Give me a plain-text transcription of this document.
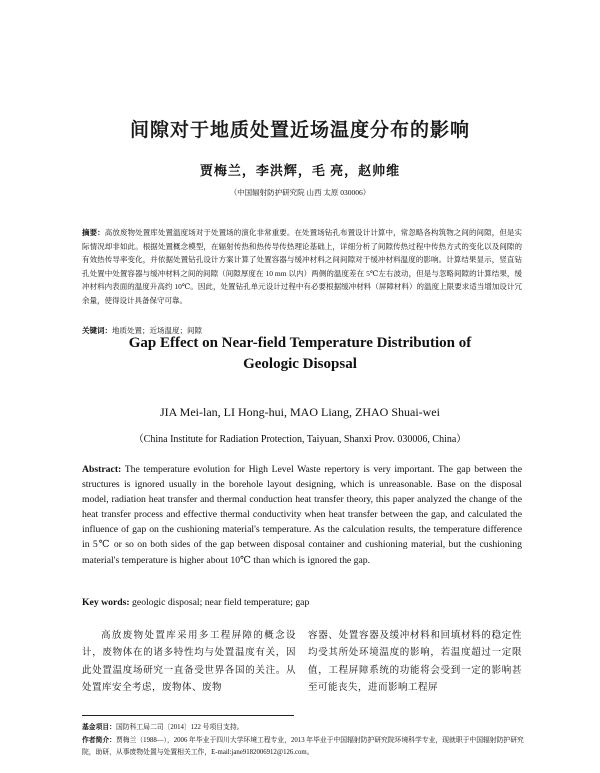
间隙对于地质处置近场温度分布的影响
贾梅兰，李洪辉，毛 亮，赵帅维
（中国辐射防护研究院 山西 太原 030006）
摘要：高放废物处置库处置温度场对于处置场的演化非常重要。在处置场钻孔布置设计计算中，常忽略各构筑物之间的间隙，但是实际情况却非如此。根据处置概念模型，在辐射传热和热传导传热理论基础上，详细分析了间隙传热过程中传热方式的变化以及间隙的有效热传导率变化，并依据处置钻孔设计方案计算了处置容器与缓冲材料之间间隙对于缓冲材料温度的影响。计算结果显示，竖直钻孔处置中处置容器与缓冲材料之间的间隙（间隙厚度在 10 mm 以内）两侧的温度差在 5℃左右波动，但是与忽略间隙的计算结果，缓冲材料内表面的温度升高约 10℃。因此，处置钻孔单元设计过程中有必要根据缓冲材料（屏障材料）的温度上限要求适当增加设计冗余量，使得设计具备保守可靠。
关键词：地质处置；近场温度；间隙
Gap Effect on Near-field Temperature Distribution of
Geologic Disopsal
JIA Mei-lan, LI Hong-hui, MAO Liang, ZHAO Shuai-wei
（China Institute for Radiation Protection, Taiyuan, Shanxi Prov. 030006, China）
Abstract: The temperature evolution for High Level Waste repertory is very important. The gap between the structures is ignored usually in the borehole layout designing, which is unreasonable. Base on the disposal model, radiation heat transfer and thermal conduction heat transfer theory, this paper analyzed the change of the heat transfer process and effective thermal conductivity when heat transfer between the gap, and calculated the influence of gap on the cushioning material's temperature. As the calculation results, the temperature difference in 5℃ or so on both sides of the gap between disposal container and cushioning material, but the cushioning material's temperature is higher about 10℃ than which is ignored the gap.
Key words: geologic disposal; near field temperature; gap

高放废物处置库采用多工程屏障的概念设计，废物体在的诸多特性均与处置温度有关，因此处置温度场研究一直备受世界各国的关注。从处置库安全考虑，废物体、废物

容器、处置容器及缓冲材料和回填材料的稳定性均受其所处环境温度的影响，若温度超过一定限值，工程屏障系统的功能将会受到一定的影响甚至可能丧失，进而影响工程屏

基金项目：国防科工局二司〔2014〕122 号项目支持。
作者简介：贾梅兰（1988—），2006 年毕业于四川大学环境工程专业，2013 年毕业于中国辐射防护研究院环境科学专业，现就职于中国辐射防护研究院，助研，从事废物处置与处置相关工作，E-mail:jane9182006912@126.com。
